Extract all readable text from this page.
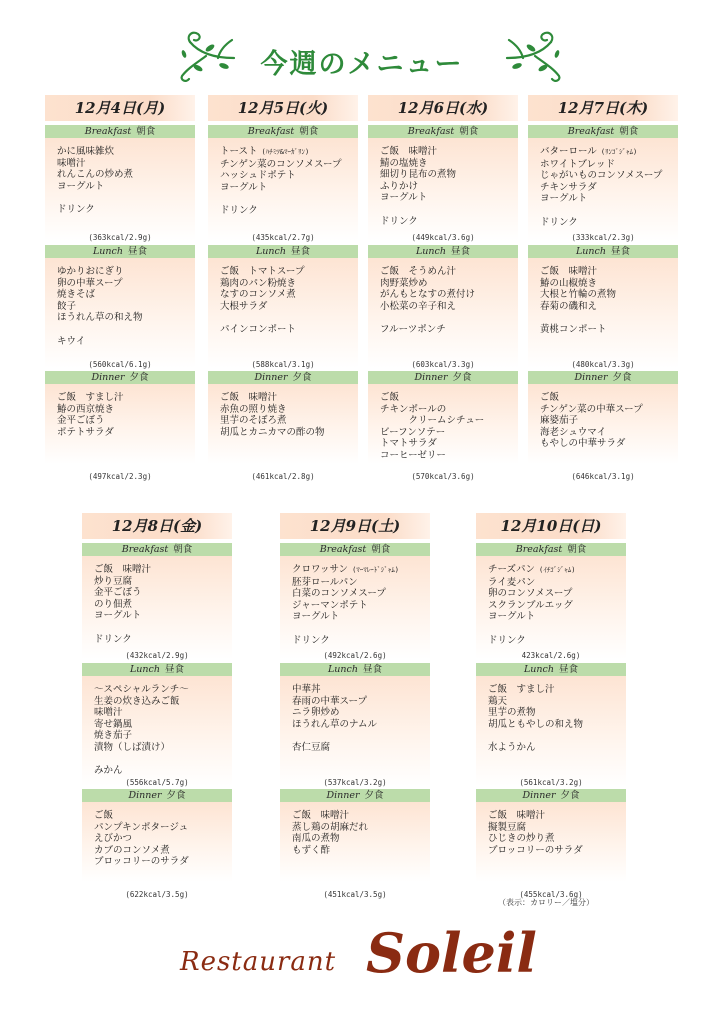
今週のメニュー
12月4日(月)
Breakfast 朝食
かに風味雑炊
味噌汁
れんこんの炒め煮
ヨーグルト
ドリンク
(363kcal/2.9g)
Lunch 昼食
ゆかりおにぎり
卵の中華スープ
焼きそば
餃子
ほうれん草の和え物
キウイ
(560kcal/6.1g)
Dinner 夕食
ご飯　すまし汁
鰆の西京焼き
金平ごぼう
ポテトサラダ
(497kcal/2.3g)
12月5日(火)
Breakfast 朝食
トースト (ﾊﾁﾐﾂ&ﾏｰｶﾞﾘﾝ)
チンゲン菜のコンソメスープ
ハッシュドポテト
ヨーグルト
ドリンク
(435kcal/2.7g)
Lunch 昼食
ご飯　トマトスープ
鶏肉のパン粉焼き
なすのコンソメ煮
大根サラダ
パインコンポート
(588kcal/3.1g)
Dinner 夕食
ご飯　味噌汁
赤魚の照り焼き
里芋のそぼろ煮
胡瓜とカニカマの酢の物
(461kcal/2.8g)
12月6日(水)
Breakfast 朝食
ご飯　味噌汁
鯖の塩焼き
細切り昆布の煮物
ふりかけ
ヨーグルト
ドリンク
(449kcal/3.6g)
Lunch 昼食
ご飯　そうめん汁
肉野菜炒め
がんもとなすの煮付け
小松菜の辛子和え
フルーツポンチ
(603kcal/3.3g)
Dinner 夕食
ご飯
チキンボールの
　　　クリームシチュー
ビーフンソテー
トマトサラダ
コーヒーゼリー
(570kcal/3.6g)
12月7日(木)
Breakfast 朝食
バターロール (ﾘﾝｺﾞｼﾞｬﾑ)
ホワイトブレッド
じゃがいものコンソメスープ
チキンサラダ
ヨーグルト
ドリンク
(333kcal/2.3g)
Lunch 昼食
ご飯　味噌汁
鰆の山椒焼き
大根と竹輪の煮物
春菊の磯和え
黄桃コンポート
(480kcal/3.3g)
Dinner 夕食
ご飯
チンゲン菜の中華スープ
麻婆茄子
海老シュウマイ
もやしの中華サラダ
(646kcal/3.1g)
12月8日(金)
Breakfast 朝食
ご飯　味噌汁
炒り豆腐
金平ごぼう
のり佃煮
ヨーグルト
ドリンク
(432kcal/2.9g)
Lunch 昼食
～スペシャルランチ～
生姜の炊き込みご飯
味噌汁
寄せ鍋風
焼き茄子
漬物（しば漬け）
みかん
(556kcal/5.7g)
Dinner 夕食
ご飯
パンプキンポタージュ
えびかつ
カブのコンソメ煮
ブロッコリーのサラダ
(622kcal/3.5g)
12月9日(土)
Breakfast 朝食
クロワッサン (ﾏｰﾏﾚｰﾄﾞｼﾞｬﾑ)
胚芽ロールパン
白菜のコンソメスープ
ジャーマンポテト
ヨーグルト
ドリンク
(492kcal/2.6g)
Lunch 昼食
中華丼
春雨の中華スープ
ニラ卵炒め
ほうれん草のナムル
杏仁豆腐
(537kcal/3.2g)
Dinner 夕食
ご飯　味噌汁
蒸し鶏の胡麻だれ
南瓜の煮物
もずく酢
(451kcal/3.5g)
12月10日(日)
Breakfast 朝食
チーズパン (ｲﾁｺﾞｼﾞｬﾑ)
ライ麦パン
卵のコンソメスープ
スクランブルエッグ
ヨーグルト
ドリンク
423kcal/2.6g)
Lunch 昼食
ご飯　すまし汁
鶏天
里芋の煮物
胡瓜ともやしの和え物
水ようかん
(561kcal/3.2g)
Dinner 夕食
ご飯　味噌汁
擬製豆腐
ひじきの炒り煮
ブロッコリーのサラダ
(455kcal/3.6g)
（表示：カロリー／塩分）
Restaurant Soleil
